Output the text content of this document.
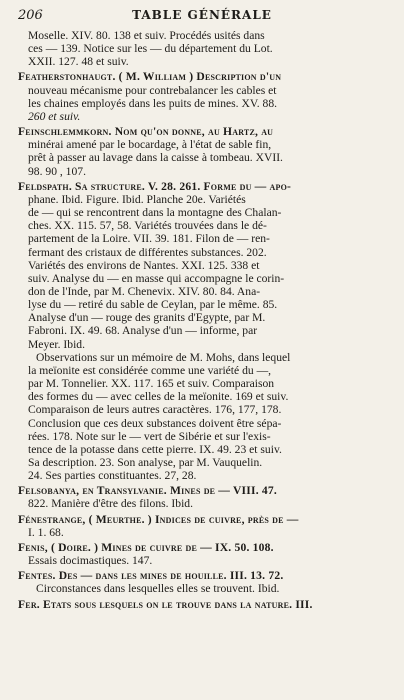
206	TABLE GÉNÉRALE
Moselle. XIV. 80. 138 et suiv. Procédés usités dans
ces — 139. Notice sur les — du département du Lot.
XXII. 127. 48 et suiv.
Featherstonhaugt. ( M. William ) Description d'un
nouveau mécanisme pour contrebalancer les cables et
les chaines employés dans les puits de mines. XV. 88.
260 et suiv.
Feinschlemmkorn. Nom qu'on donne, au Hartz, au
minérai amené par le bocardage, à l'état de sable fin,
prêt à passer au lavage dans la caisse à tombeau. XVII.
98. 90 , 107.
Feldspath. Sa structure. V. 28. 261. Forme du — apo-
phane. Ibid. Figure. Ibid. Planche 20e. Variétés
de — qui se rencontrent dans la montagne des Chalan-
ches. XX. 115. 57, 58. Variétés trouvées dans le dé-
partement de la Loire. VII. 39. 181. Filon de — ren-
fermant des cristaux de différentes substances. 202.
Variétés des environs de Nantes. XXI. 125. 338 et
suiv. Analyse du — en masse qui accompagne le corin-
don de l'Inde, par M. Chenevix. XIV. 80. 84. Ana-
lyse du — retiré du sable de Ceylan, par le même. 85.
Analyse d'un — rouge des granits d'Egypte, par M.
Fabroni. IX. 49. 68. Analyse d'un — informe, par
Meyer. Ibid.
Observations sur un mémoire de M. Mohs, dans lequel
la meïonite est considérée comme une variété du —,
par M. Tonnelier. XX. 117. 165 et suiv. Comparaison
des formes du — avec celles de la meïonite. 169 et suiv.
Comparaison de leurs autres caractères. 176, 177, 178.
Conclusion que ces deux substances doivent être sépa-
rées. 178. Note sur le — vert de Sibérie et sur l'exis-
tence de la potasse dans cette pierre. IX. 49. 23 et suiv.
Sa description. 23. Son analyse, par M. Vauquelin.
24. Ses parties constituantes. 27, 28.
Felsobanya, en Transylvanie. Mines de — VIII. 47.
822. Manière d'être des filons. Ibid.
Fénestrange, ( Meurthe. ) Indices de cuivre, près de —
I. 1. 68.
Fenis, ( Doire. ) Mines de cuivre de — IX. 50. 108.
Essais docimastiques. 147.
Fentes. Des — dans les mines de houille. III. 13. 72.
Circonstances dans lesquelles elles se trouvent. Ibid.
Fer. Etats sous lesquels on le trouve dans la nature. III.
